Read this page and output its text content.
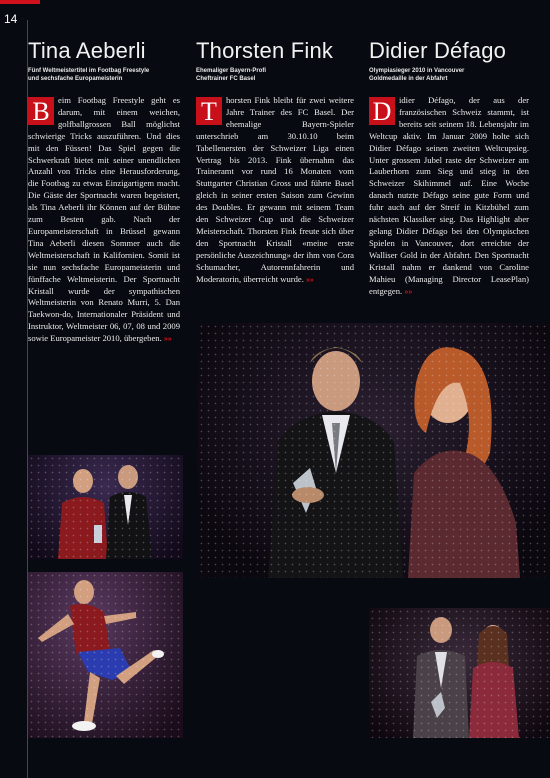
14
Tina Aeberli
Fünf Weltmeistertitel im Footbag Freestyle
und sechsfache Europameisterin
Thorsten Fink
Ehemaliger Bayern-Profi
Cheftrainer FC Basel
Didier Défago
Olympiasieger 2010 in Vancouver
Goldmedaille in der Abfahrt
B eim Footbag Freestyle geht es darum, mit einem weichen, golfballgrossen Ball möglichst schwierige Tricks auszuführen. Und dies mit den Füssen! Das Spiel gegen die Schwerkraft bietet mit seiner unendlichen Anzahl von Tricks eine Herausforderung, die Footbag zu etwas Einzigartigem macht. Die Gäste der Sportnacht waren begeistert, als Tina Aeberli ihr Können auf der Bühne zum Besten gab. Nach der Europameisterschaft in Brüssel gewann Tina Aeberli diesen Sommer auch die Weltmeisterschaft in Kalifornien. Somit ist sie nun sechsfache Europameisterin und fünffache Weltmeisterin. Der Sportnacht Kristall wurde der sympathischen Weltmeisterin von Renato Murri, 5. Dan Taekwon-do, Internationaler Präsident und Instruktor, Weltmeister 06, 07, 08 und 2009 sowie Europameister 2010, übergeben. »»
T	horsten Fink bleibt für zwei weitere Jahre Trainer des FC Basel. Der ehemalige Bayern-Spieler unterschrieb am 30.10.10 beim Tabellenersten der Schweizer Liga einen Vertrag bis 2013. Fink übernahm das Traineramt vor rund 16 Monaten vom Stuttgarter Christian Gross und führte Basel gleich in seiner ersten Saison zum Gewinn des Doubles. Er gewann mit seinem Team den Schweizer Cup und die Schweizer Meisterschaft. Thorsten Fink freute sich über den Sportnacht Kristall «meine erste persönliche Auszeichnung» der ihm von Cora Schumacher, Autorennfahrerin und Moderatorin, überreicht wurde. »»
D idier Défago, der aus der französischen Schweiz stammt, ist bereits seit seinem 18. Lebensjahr im Weltcup aktiv. Im Januar 2009 holte sich Didier Défago seinen zweiten Weltcupsieg. Unter grossem Jubel raste der Schweizer am Lauberhorn zum Sieg und stieg in den Schweizer Skihimmel auf. Eine Woche danach nutzte Défago seine gute Form und fuhr auch auf der Streif in Kitzbühel zum nächsten Klassiker sieg. Das Highlight aber gelang Didier Défago bei den Olympischen Spielen in Vancouver, dort erreichte der Walliser Gold in der Abfahrt. Den Sportnacht Kristall nahm er dankend von Caroline Mahieu (Managing Director LeasePlan) entgegen. »»
